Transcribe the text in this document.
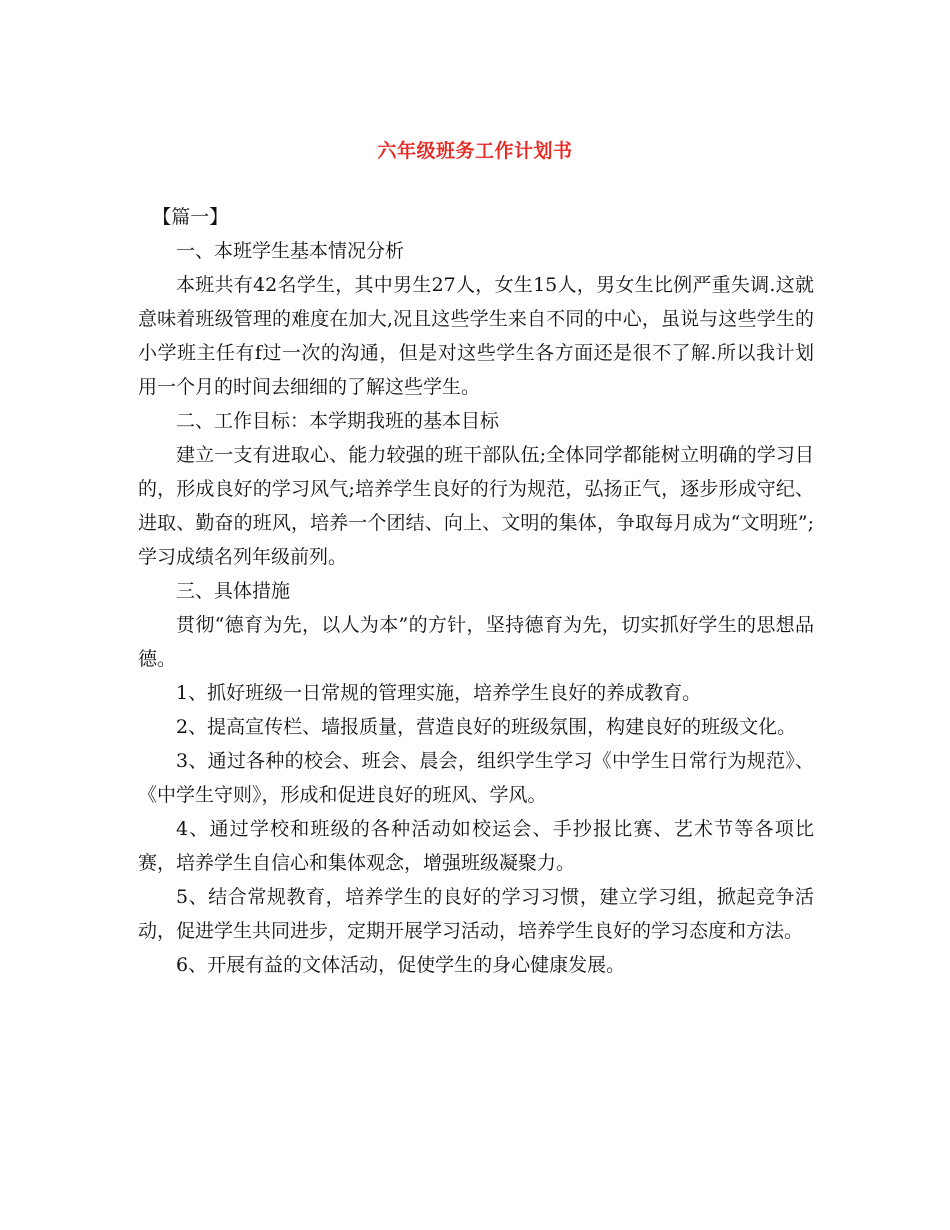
六年级班务工作计划书

【篇一】

一、本班学生基本情况分析

本班共有42名学生，其中男生27人，女生15人，男女生比例严重失调.这就意味着班级管理的难度在加大,况且这些学生来自不同的中心，虽说与这些学生的小学班主任有f过一次的沟通，但是对这些学生各方面还是很不了解.所以我计划用一个月的时间去细细的了解这些学生。

二、工作目标：本学期我班的基本目标

建立一支有进取心、能力较强的班干部队伍;全体同学都能树立明确的学习目的，形成良好的学习风气;培养学生良好的行为规范，弘扬正气，逐步形成守纪、进取、勤奋的班风，培养一个团结、向上、文明的集体，争取每月成为“文明班”;学习成绩名列年级前列。

三、具体措施

贯彻“德育为先，以人为本”的方针，坚持德育为先，切实抓好学生的思想品德。

1、抓好班级一日常规的管理实施，培养学生良好的养成教育。

2、提高宣传栏、墙报质量，营造良好的班级氛围，构建良好的班级文化。

3、通过各种的校会、班会、晨会，组织学生学习《中学生日常行为规范》、《中学生守则》，形成和促进良好的班风、学风。

4、通过学校和班级的各种活动如校运会、手抄报比赛、艺术节等各项比赛，培养学生自信心和集体观念，增强班级凝聚力。

5、结合常规教育，培养学生的良好的学习习惯，建立学习组，掀起竞争活动，促进学生共同进步，定期开展学习活动，培养学生良好的学习态度和方法。

6、开展有益的文体活动，促使学生的身心健康发展。
